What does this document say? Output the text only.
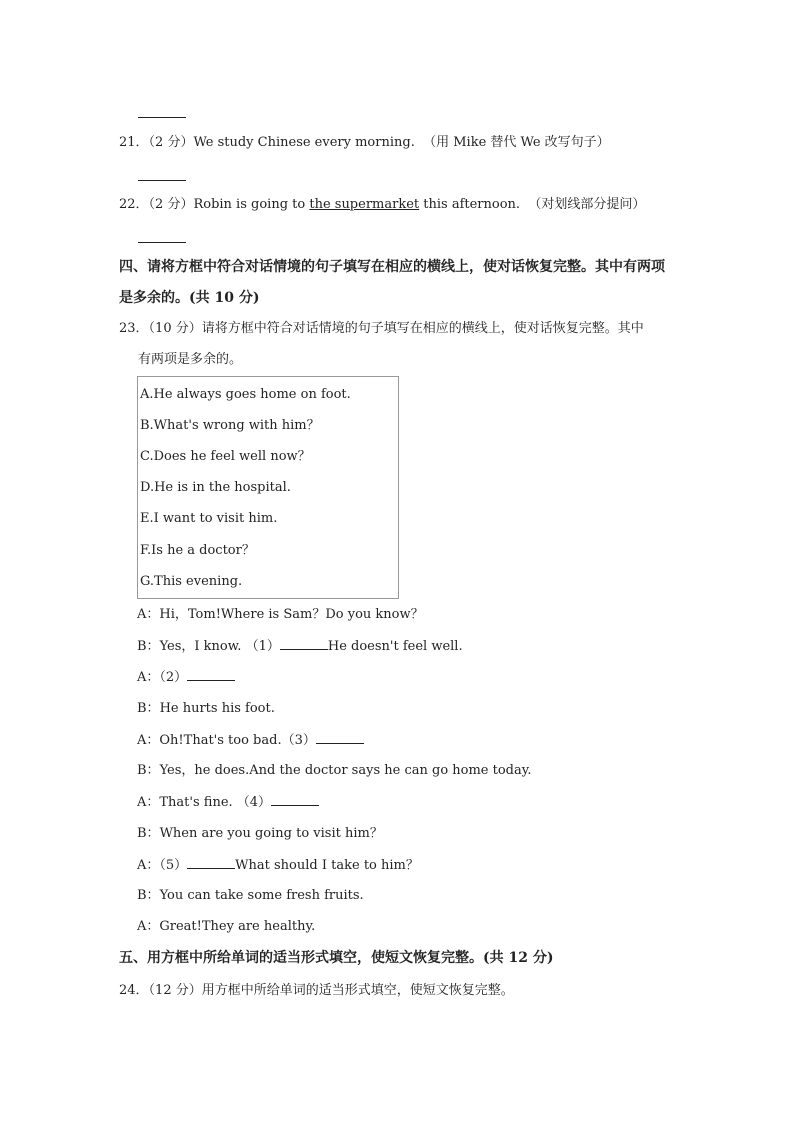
21．（2 分）We study Chinese every morning. （用 Mike 替代 We 改写句子）
22．（2 分）Robin is going to the supermarket this afternoon. （对划线部分提问）
四、请将方框中符合对话情境的句子填写在相应的横线上，使对话恢复完整。其中有两项
是多余的。(共 10 分)
23．（10 分）请将方框中符合对话情境的句子填写在相应的横线上，使对话恢复完整。其中
有两项是多余的。
A.He always goes home on foot.
B.What's wrong with him？
C.Does he feel well now？
D.He is in the hospital.
E.I want to visit him.
F.Is he a doctor？
G.This evening.
A：Hi，Tom!Where is Sam？Do you know？
B：Yes，I know. （1）	He doesn't feel well.
A：（2）
B：He hurts his foot.
A：Oh!That's too bad.（3）
B：Yes，he does.And the doctor says he can go home today.
A：That's fine. （4）
B：When are you going to visit him？
A：（5）	What should I take to him？
B：You can take some fresh fruits.
A：Great!They are healthy.
五、用方框中所给单词的适当形式填空，使短文恢复完整。(共 12 分)
24．（12 分）用方框中所给单词的适当形式填空，使短文恢复完整。
